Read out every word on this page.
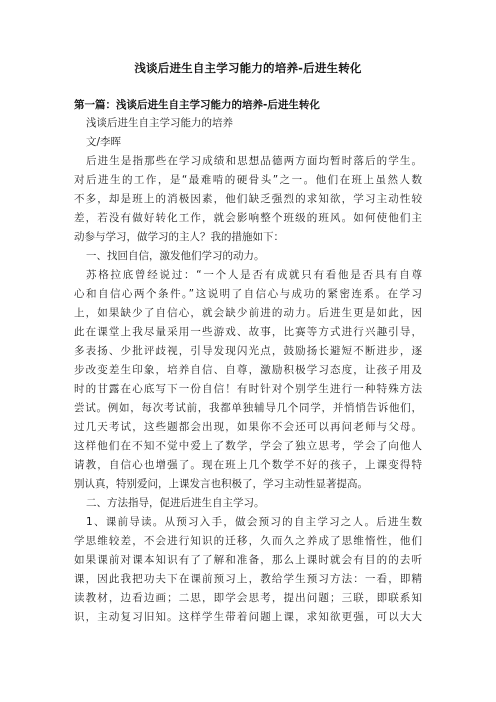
浅谈后进生自主学习能力的培养-后进生转化
第一篇：浅谈后进生自主学习能力的培养-后进生转化
浅谈后进生自主学习能力的培养
文/李晖
后进生是指那些在学习成绩和思想品德两方面均暂时落后的学生。
对后进生的工作，是“最难啃的硬骨头”之一。他们在班上虽然人数
不多，却是班上的消极因素，他们缺乏强烈的求知欲，学习主动性较
差，若没有做好转化工作，就会影响整个班级的班风。如何使他们主
动参与学习，做学习的主人？我的措施如下：
一、找回自信，激发他们学习的动力。
苏格拉底曾经说过：“一个人是否有成就只有看他是否具有自尊
心和自信心两个条件。”这说明了自信心与成功的紧密连系。在学习
上，如果缺少了自信心，就会缺少前进的动力。后进生更是如此，因
此在课堂上我尽量采用一些游戏、故事，比赛等方式进行兴趣引导，
多表扬、少批评歧视，引导发现闪光点，鼓励扬长避短不断进步，逐
步改变差生印象，培养自信、自尊，激励积极学习态度，让孩子用及
时的甘露在心底写下一份自信！有时针对个别学生进行一种特殊方法
尝试。例如，每次考试前，我都单独辅导几个同学，并悄悄告诉他们，
过几天考试，这些题都会出现，如果你不会还可以再问老师与父母。
这样他们在不知不觉中爱上了数学，学会了独立思考，学会了向他人
请教，自信心也增强了。现在班上几个数学不好的孩子，上课变得特
别认真，特别爱问，上课发言也积极了，学习主动性显著提高。
二、方法指导，促进后进生自主学习。
1、课前导读。从预习入手，做会预习的自主学习之人。后进生数
学思维较差，不会进行知识的迁移，久而久之养成了思维惰性，他们
如果课前对课本知识有了了解和准备，那么上课时就会有目的的去听
课，因此我把功夫下在课前预习上，教给学生预习方法：一看，即精
读教材，边看边画；二思，即学会思考，提出问题；三联，即联系知
识，主动复习旧知。这样学生带着问题上课，求知欲更强，可以大大
